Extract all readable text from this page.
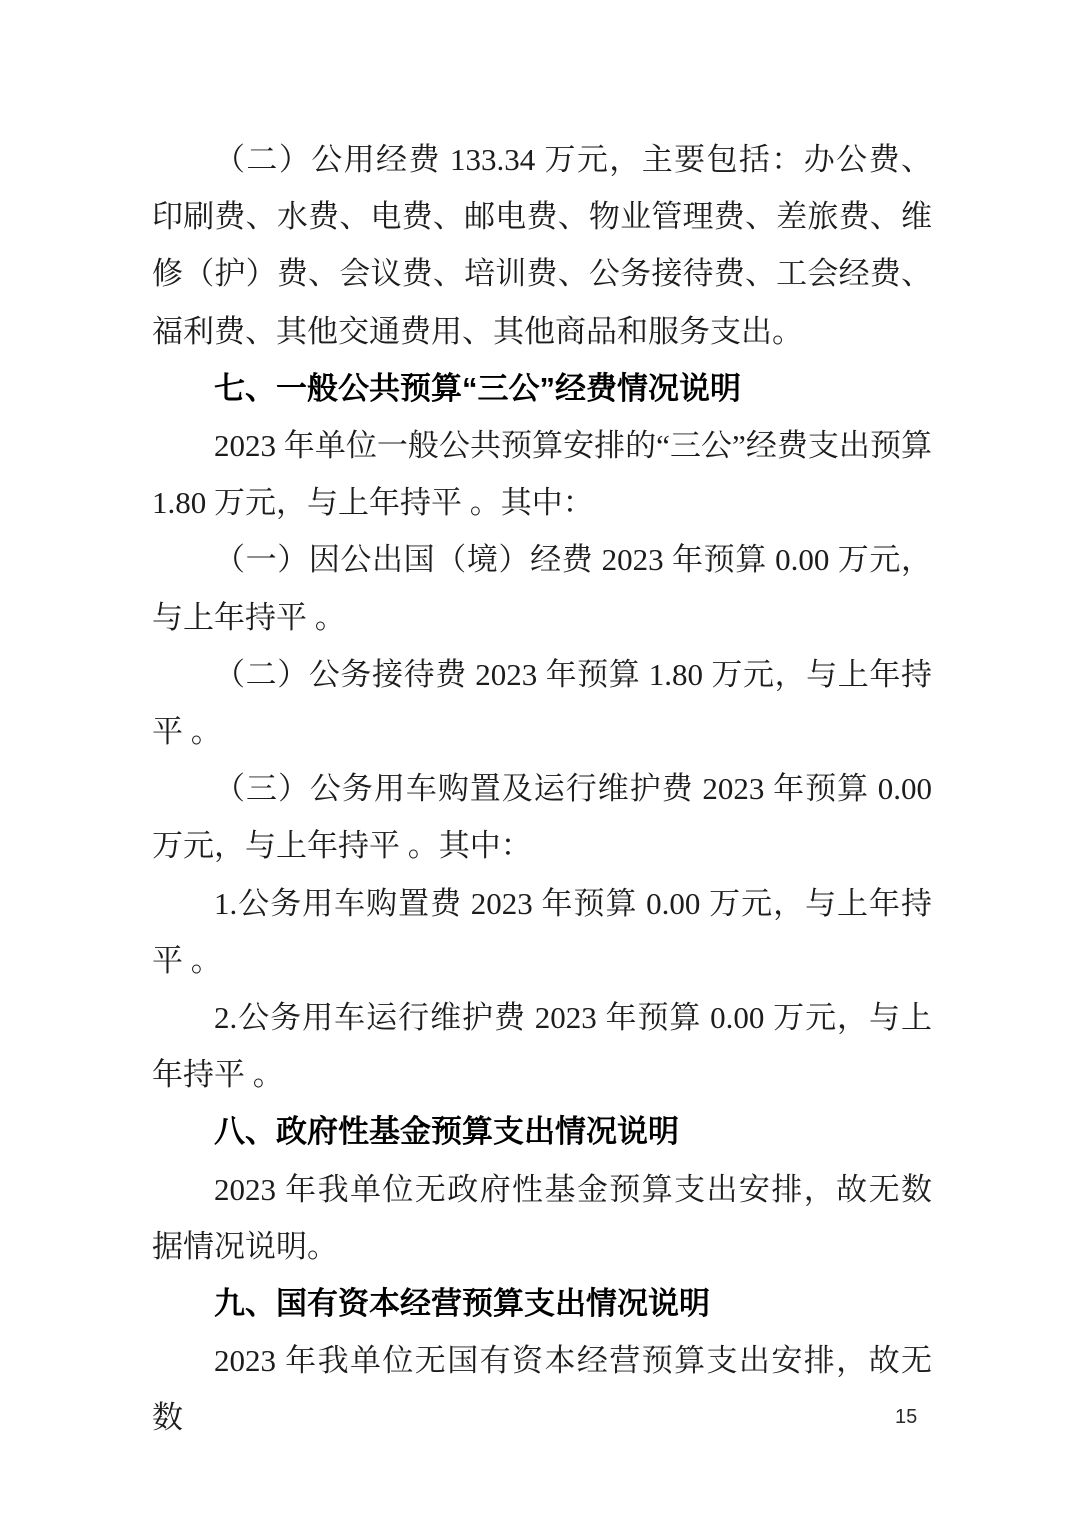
（二）公用经费 133.34 万元，主要包括：办公费、印刷费、水费、电费、邮电费、物业管理费、差旅费、维修（护）费、会议费、培训费、公务接待费、工会经费、福利费、其他交通费用、其他商品和服务支出。

七、一般公共预算“三公”经费情况说明

2023 年单位一般公共预算安排的“三公”经费支出预算 1.80 万元，与上年持平 。其中：

（一）因公出国（境）经费 2023 年预算 0.00 万元，与上年持平 。

（二）公务接待费 2023 年预算 1.80 万元，与上年持平 。

（三）公务用车购置及运行维护费 2023 年预算 0.00 万元，与上年持平 。其中：

1.公务用车购置费 2023 年预算 0.00 万元，与上年持平 。

2.公务用车运行维护费 2023 年预算 0.00 万元，与上年持平 。

八、政府性基金预算支出情况说明

2023 年我单位无政府性基金预算支出安排，故无数据情况说明。

九、国有资本经营预算支出情况说明

2023 年我单位无国有资本经营预算支出安排，故无数	15
